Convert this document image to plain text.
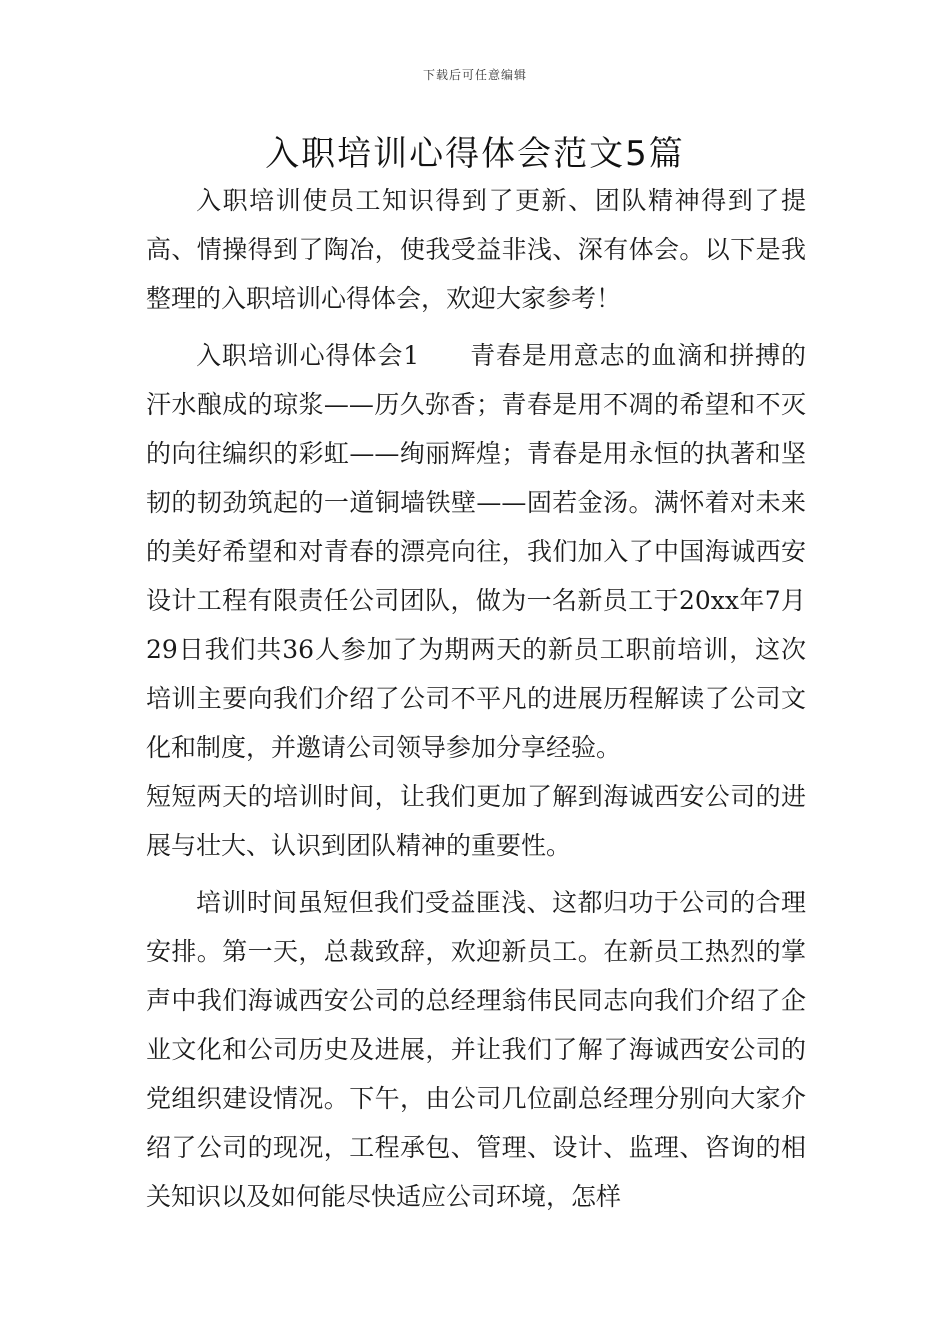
下载后可任意编辑
入职培训心得体会范文5篇

入职培训使员工知识得到了更新、团队精神得到了提高、情操得到了陶冶，使我受益非浅、深有体会。以下是我整理的入职培训心得体会，欢迎大家参考！

入职培训心得体会1 青春是用意志的血滴和拼搏的汗水酿成的琼浆——历久弥香；青春是用不凋的希望和不灭的向往编织的彩虹——绚丽辉煌；青春是用永恒的执著和坚韧的韧劲筑起的一道铜墙铁壁——固若金汤。满怀着对未来的美好希望和对青春的漂亮向往，我们加入了中国海诚西安设计工程有限责任公司团队，做为一名新员工于20xx年7月29日我们共36人参加了为期两天的新员工职前培训，这次培训主要向我们介绍了公司不平凡的进展历程解读了公司文化和制度，并邀请公司领导参加分享经验。

短短两天的培训时间，让我们更加了解到海诚西安公司的进展与壮大、认识到团队精神的重要性。

培训时间虽短但我们受益匪浅、这都归功于公司的合理安排。第一天，总裁致辞，欢迎新员工。在新员工热烈的掌声中我们海诚西安公司的总经理翁伟民同志向我们介绍了企业文化和公司历史及进展，并让我们了解了海诚西安公司的党组织建设情况。下午，由公司几位副总经理分别向大家介绍了公司的现况，工程承包、管理、设计、监理、咨询的相关知识以及如何能尽快适应公司环境，怎样
